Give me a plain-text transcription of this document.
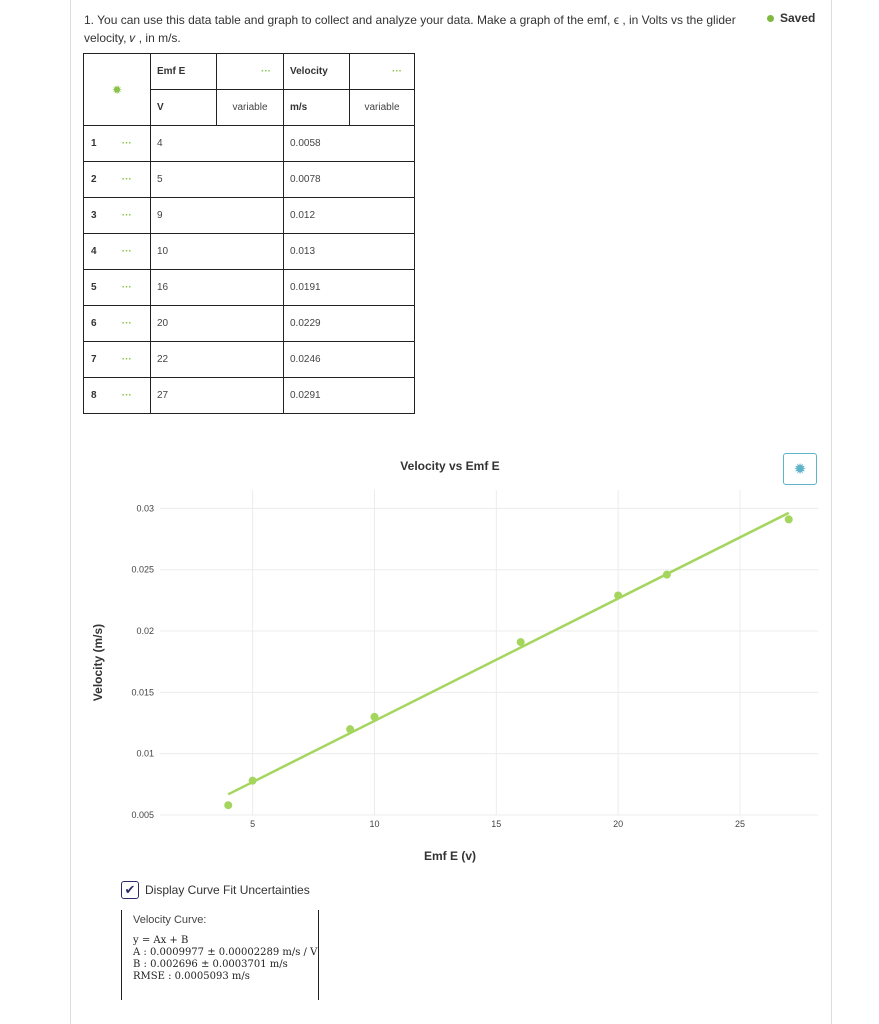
1. You can use this data table and graph to collect and analyze your data. Make a graph of the emf, ϵ , in Volts vs the glider velocity, 𝑣 , in m/s.
Saved
✹		Emf E	···	Velocity	···
		V	variable	m/s	variable
1	···	4		0.0058	
2	···	5		0.0078	
3	···	9		0.012	
4	···	10		0.013	
5	···	16		0.0191	
6	···	20		0.0229	
7	···	22		0.0246	
8	···	27		0.0291	
5	10	15	20	25
0.03
0.025
0.02
0.015
0.01
0.005
Velocity vs Emf E
Emf E (v)
Velocity (m/s)
✹
✔ Display Curve Fit Uncertainties
Velocity Curve:
y = Ax + B
A : 0.0009977 ± 0.00002289 m/s / V
B : 0.002696 ± 0.0003701 m/s
RMSE : 0.0005093 m/s
